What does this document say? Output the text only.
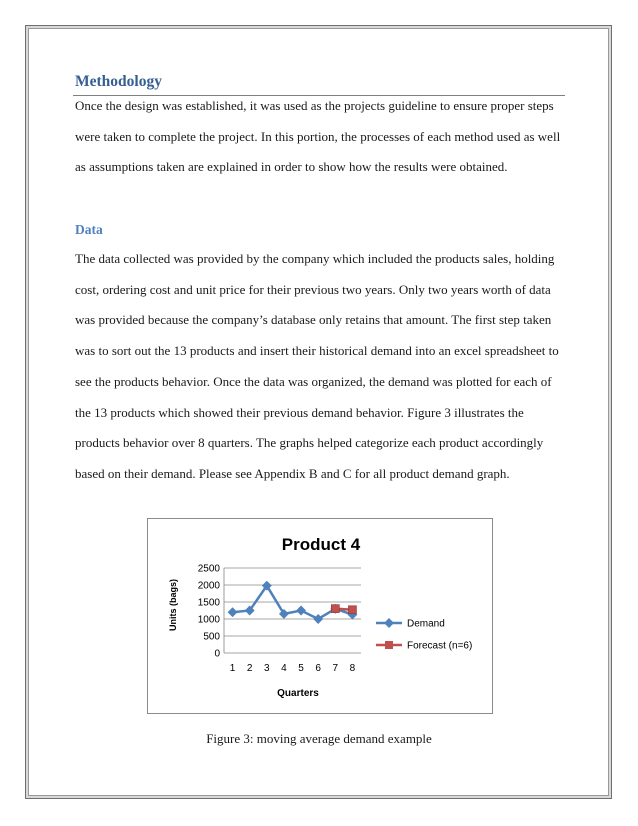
Methodology

Once the design was established, it was used as the projects guideline to ensure proper steps were taken to complete the project. In this portion, the processes of each method used as well as assumptions taken are explained in order to show how the results were obtained.

Data

The data collected was provided by the company which included the products sales, holding cost, ordering cost and unit price for their previous two years. Only two years worth of data was provided because the company’s database only retains that amount. The first step taken was to sort out the 13 products and insert their historical demand into an excel spreadsheet to see the products behavior. Once the data was organized, the demand was plotted for each of the 13 products which showed their previous demand behavior. Figure 3 illustrates the products behavior over 8 quarters. The graphs helped categorize each product accordingly based on their demand. Please see Appendix B and C for all product demand graph.

Product 4
Units (bags)
Quarters
0
500
1000
1500
2000
2500
1 2 3 4 5 6 7 8
Demand
Forecast (n=6)
Figure 3: moving average demand example
